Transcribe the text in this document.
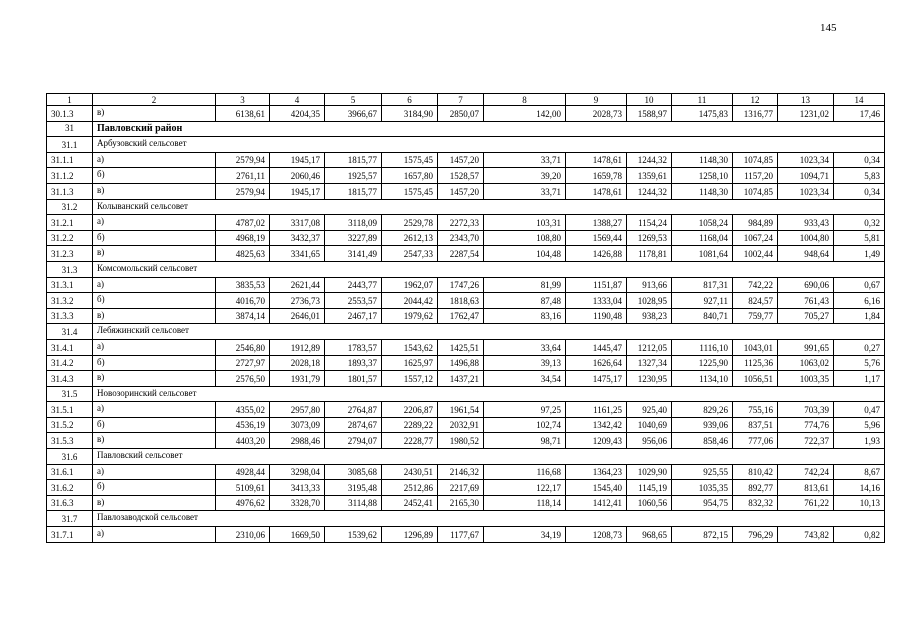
145
1	2	3	4	5	6	7	8	9	10	11	12	13	14
30.1.3	в)	6138,61	4204,35	3966,67	3184,90	2850,07	142,00	2028,73	1588,97	1475,83	1316,77	1231,02	17,46
31	Павловский район												
31.1	Арбузовский сельсовет												
31.1.1	а)	2579,94	1945,17	1815,77	1575,45	1457,20	33,71	1478,61	1244,32	1148,30	1074,85	1023,34	0,34
31.1.2	б)	2761,11	2060,46	1925,57	1657,80	1528,57	39,20	1659,78	1359,61	1258,10	1157,20	1094,71	5,83
31.1.3	в)	2579,94	1945,17	1815,77	1575,45	1457,20	33,71	1478,61	1244,32	1148,30	1074,85	1023,34	0,34
31.2	Колыванский сельсовет												
31.2.1	а)	4787,02	3317,08	3118,09	2529,78	2272,33	103,31	1388,27	1154,24	1058,24	984,89	933,43	0,32
31.2.2	б)	4968,19	3432,37	3227,89	2612,13	2343,70	108,80	1569,44	1269,53	1168,04	1067,24	1004,80	5,81
31.2.3	в)	4825,63	3341,65	3141,49	2547,33	2287,54	104,48	1426,88	1178,81	1081,64	1002,44	948,64	1,49
31.3	Комсомольский сельсовет												
31.3.1	а)	3835,53	2621,44	2443,77	1962,07	1747,26	81,99	1151,87	913,66	817,31	742,22	690,06	0,67
31.3.2	б)	4016,70	2736,73	2553,57	2044,42	1818,63	87,48	1333,04	1028,95	927,11	824,57	761,43	6,16
31.3.3	в)	3874,14	2646,01	2467,17	1979,62	1762,47	83,16	1190,48	938,23	840,71	759,77	705,27	1,84
31.4	Лебяжинский сельсовет												
31.4.1	а)	2546,80	1912,89	1783,57	1543,62	1425,51	33,64	1445,47	1212,05	1116,10	1043,01	991,65	0,27
31.4.2	б)	2727,97	2028,18	1893,37	1625,97	1496,88	39,13	1626,64	1327,34	1225,90	1125,36	1063,02	5,76
31.4.3	в)	2576,50	1931,79	1801,57	1557,12	1437,21	34,54	1475,17	1230,95	1134,10	1056,51	1003,35	1,17
31.5	Новозоринский сельсовет												
31.5.1	а)	4355,02	2957,80	2764,87	2206,87	1961,54	97,25	1161,25	925,40	829,26	755,16	703,39	0,47
31.5.2	б)	4536,19	3073,09	2874,67	2289,22	2032,91	102,74	1342,42	1040,69	939,06	837,51	774,76	5,96
31.5.3	в)	4403,20	2988,46	2794,07	2228,77	1980,52	98,71	1209,43	956,06	858,46	777,06	722,37	1,93
31.6	Павловский сельсовет												
31.6.1	а)	4928,44	3298,04	3085,68	2430,51	2146,32	116,68	1364,23	1029,90	925,55	810,42	742,24	8,67
31.6.2	б)	5109,61	3413,33	3195,48	2512,86	2217,69	122,17	1545,40	1145,19	1035,35	892,77	813,61	14,16
31.6.3	в)	4976,62	3328,70	3114,88	2452,41	2165,30	118,14	1412,41	1060,56	954,75	832,32	761,22	10,13
31.7	Павлозаводской сельсовет												
31.7.1	а)	2310,06	1669,50	1539,62	1296,89	1177,67	34,19	1208,73	968,65	872,15	796,29	743,82	0,82
